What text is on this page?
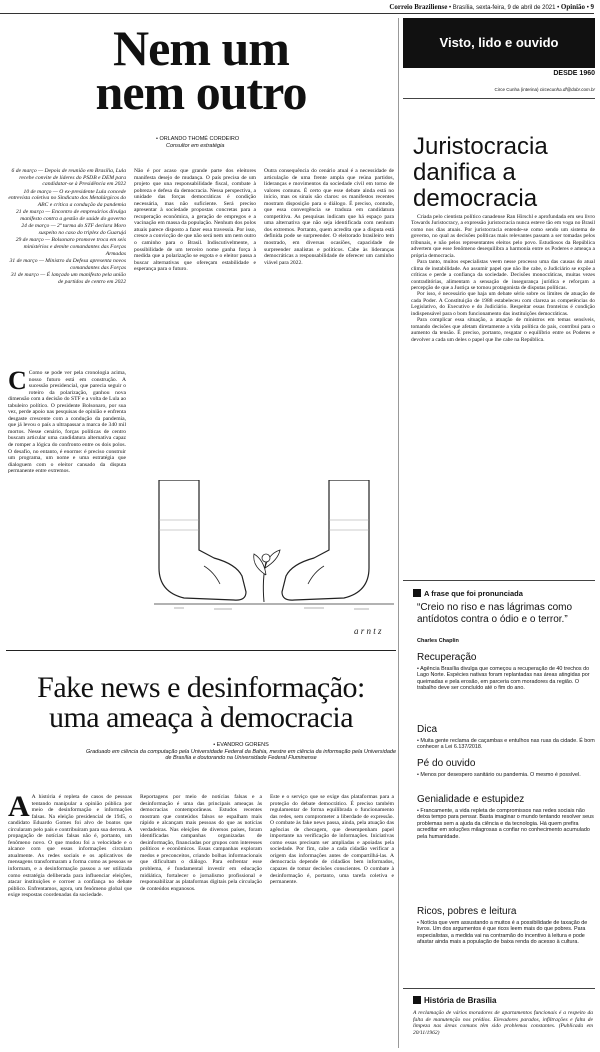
Correio Braziliense • Brasília, sexta-feira, 9 de abril de 2021 • Opinião • 9
Nem um
nem outro
• ORLANDO THOMÉ CORDEIRO
Consultor em estratégia

6 de março — Depois de reunião em Brasília, Lula recebe convite de líderes do PSDB e DEM para candidatar-se à Presidência em 2022

10 de março — O ex-presidente Lula concede entrevista coletiva no Sindicato dos Metalúrgicos do ABC e critica a condução da pandemia

21 de março — Encontro de empresários divulga manifesto contra a gestão de saúde do governo

24 de março — 2ª turma do STF declara Moro suspeito no caso do triplex do Guarujá

29 de março — Bolsonaro promove troca em seis ministérios e demite comandantes das Forças Armadas

31 de março — Ministro da Defesa apresenta novos comandantes das Forças

31 de março — É lançado um manifesto pela união de partidos de centro em 2022

C Como se pode ver pela cronologia acima, nosso futuro está em construção. A sucessão presidencial, que parecia seguir o roteiro da polarização, ganhou nova dimensão com a decisão do STF e a volta de Lula ao tabuleiro político. O presidente Bolsonaro, por sua vez, perde apoio nas pesquisas de opinião e enfrenta desgaste crescente com a condução da pandemia, que já levou o país a ultrapassar a marca de 340 mil mortos. Nesse cenário, forças políticas de centro buscam articular uma candidatura alternativa capaz de romper a lógica do confronto entre os dois polos. O desafio, no entanto, é enorme: é preciso construir um programa, um nome e uma estratégia que dialoguem com o eleitor cansado da disputa permanente entre extremos.
Não é por acaso que grande parte dos eleitores manifesta desejo de mudança. O país precisa de um projeto que una responsabilidade fiscal, combate à pobreza e defesa da democracia. Nessa perspectiva, a unidade das forças democráticas é condição necessária, mas não suficiente. Será preciso apresentar à sociedade propostas concretas para a recuperação econômica, a geração de empregos e a vacinação em massa da população. Nenhum dos polos atuais parece disposto a fazer essa travessia. Por isso, cresce a convicção de que não será nem um nem outro o caminho para o Brasil. Indiscutivelmente, a possibilidade de um terceiro nome ganha força à medida que a polarização se esgota e o eleitor passa a buscar alternativas que ofereçam estabilidade e esperança para o futuro.
Outra consequência do cenário atual é a necessidade de articulação de uma frente ampla que reúna partidos, lideranças e movimentos da sociedade civil em torno de valores comuns. É certo que esse debate ainda está no início, mas os sinais são claros: os manifestos recentes mostram disposição para o diálogo. É preciso, contudo, que essa convergência se traduza em candidatura competitiva. As pesquisas indicam que há espaço para uma alternativa que não seja identificada com nenhum dos extremos. Portanto, quem acredita que a disputa está definida pode se surpreender. O eleitorado brasileiro tem mostrado, em diversas ocasiões, capacidade de surpreender analistas e políticos. Cabe às lideranças democráticas a responsabilidade de oferecer um caminho viável para 2022.
a r n t z
Fake news e desinformação:
uma ameaça à democracia
• EVANDRO GORENS
Graduado em ciência da computação pela Universidade Federal da Bahia, mestre em ciência da informação pela Universidade de Brasília e doutorando na Universidade Federal Fluminense
A A história é repleta de casos de pessoas tentando manipular a opinião pública por meio de desinformação e informações falsas. Na eleição presidencial de 1945, o candidato Eduardo Gomes foi alvo de boatos que circularam pelo país e contribuíram para sua derrota. A propagação de notícias falsas não é, portanto, um fenômeno novo. O que mudou foi a velocidade e o alcance com que essas informações circulam atualmente. As redes sociais e os aplicativos de mensagens transformaram a forma como as pessoas se informam, e a desinformação passou a ser utilizada como estratégia deliberada para influenciar eleições, atacar instituições e corroer a confiança no debate público. Enfrentamos, agora, um fenômeno global que exige respostas coordenadas da sociedade.
Reportagens por meio de notícias falsas e a desinformação é uma das principais ameaças às democracias contemporâneas. Estudos recentes mostram que conteúdos falsos se espalham mais rápido e alcançam mais pessoas do que as notícias verdadeiras. Nas eleições de diversos países, foram identificadas campanhas organizadas de desinformação, financiadas por grupos com interesses políticos e econômicos. Essas campanhas exploram medos e preconceitos, criando bolhas informacionais que dificultam o diálogo. Para enfrentar esse problema, é fundamental investir em educação midiática, fortalecer o jornalismo profissional e responsabilizar as plataformas digitais pela circulação de conteúdos enganosos.
Este e o serviço que se exige das plataformas para a proteção do debate democrático. É preciso também regulamentar de forma equilibrada o funcionamento das redes, sem comprometer a liberdade de expressão. O combate às fake news passa, ainda, pela atuação das agências de checagem, que desempenham papel importante na verificação de informações. Iniciativas como essas precisam ser ampliadas e apoiadas pela sociedade. Por fim, cabe a cada cidadão verificar a origem das informações antes de compartilhá-las. A democracia depende de cidadãos bem informados, capazes de tomar decisões conscientes. O combate à desinformação é, portanto, uma tarefa coletiva e permanente.
Visto, lido e ouvido
DESDE 1960
Circe Cunha (interina) circecunha.df@dabr.com.br
Juristocracia
danifica a
democracia

Criada pelo cientista político canadense Ran Hirschl e aprofundada em seu livro Towards Juristocracy, a expressão juristocracia nunca esteve tão em voga no Brasil como nos dias atuais. Por juristocracia entende-se como sendo um sistema de governo, no qual as decisões políticas mais relevantes passam a ser tomadas pelos tribunais, e não pelos representantes eleitos pelo povo. Estudiosos da República advertem que esse fenômeno desequilibra a harmonia entre os Poderes e ameaça a própria democracia.

Para tanto, muitos especialistas veem nesse processo uma das causas do atual clima de instabilidade. Ao assumir papel que não lhe cabe, o Judiciário se expõe a críticas e perde a confiança da sociedade. Decisões monocráticas, muitas vezes contraditórias, alimentam a sensação de insegurança jurídica e reforçam a percepção de que a Justiça se tornou protagonista de disputas políticas.

Por isso, é necessário que haja um debate sério sobre os limites de atuação de cada Poder. A Constituição de 1988 estabeleceu com clareza as competências do Legislativo, do Executivo e do Judiciário. Respeitar essas fronteiras é condição indispensável para o bom funcionamento das instituições democráticas.

Para complicar essa situação, a atuação de ministros em temas sensíveis, tomando decisões que afetam diretamente a vida política do país, contribui para o aumento da tensão. É preciso, portanto, resgatar o equilíbrio entre os Poderes e devolver a cada um deles o papel que lhe cabe na República.

A frase que foi pronunciada
“Creio no riso e nas lágrimas como antídotos contra o ódio e o terror.”
Charles Chaplin
Recuperação

• Agência Brasília divulga que começou a recuperação de 40 trechos do Lago Norte. Espécies nativas foram replantadas nas áreas atingidas por queimadas e pela erosão, em parceria com moradores da região. O trabalho deve ser concluído até o fim do ano.

Dica

• Muita gente reclama de caçambas e entulhos nas ruas da cidade. É bom conhecer a Lei 6.137/2018.

Pé do ouvido

• Menos por desespero sanitário ou pandemia. O mesmo é possível.

Genialidade e estupidez

• Francamente, a vida repleta de compromissos nas redes sociais não deixa tempo para pensar. Basta imaginar o mundo tentando resolver seus problemas sem a ajuda da ciência e da tecnologia. Há quem prefira acreditar em soluções milagrosas a confiar no conhecimento acumulado pela humanidade.

Ricos, pobres e leitura

• Notícia que vem assustando a muitos é a possibilidade de taxação de livros. Um dos argumentos é que ricos leem mais do que pobres. Para especialistas, a medida vai na contramão do incentivo à leitura e pode afastar ainda mais a população de baixa renda do acesso à cultura.

História de Brasília
A reclamação de vários moradores de apartamentos funcionais é a respeito da falta de manutenção nos prédios. Elevadores parados, infiltrações e falta de limpeza nas áreas comuns têm sido problemas constantes. (Publicada em 20/11/1962)
